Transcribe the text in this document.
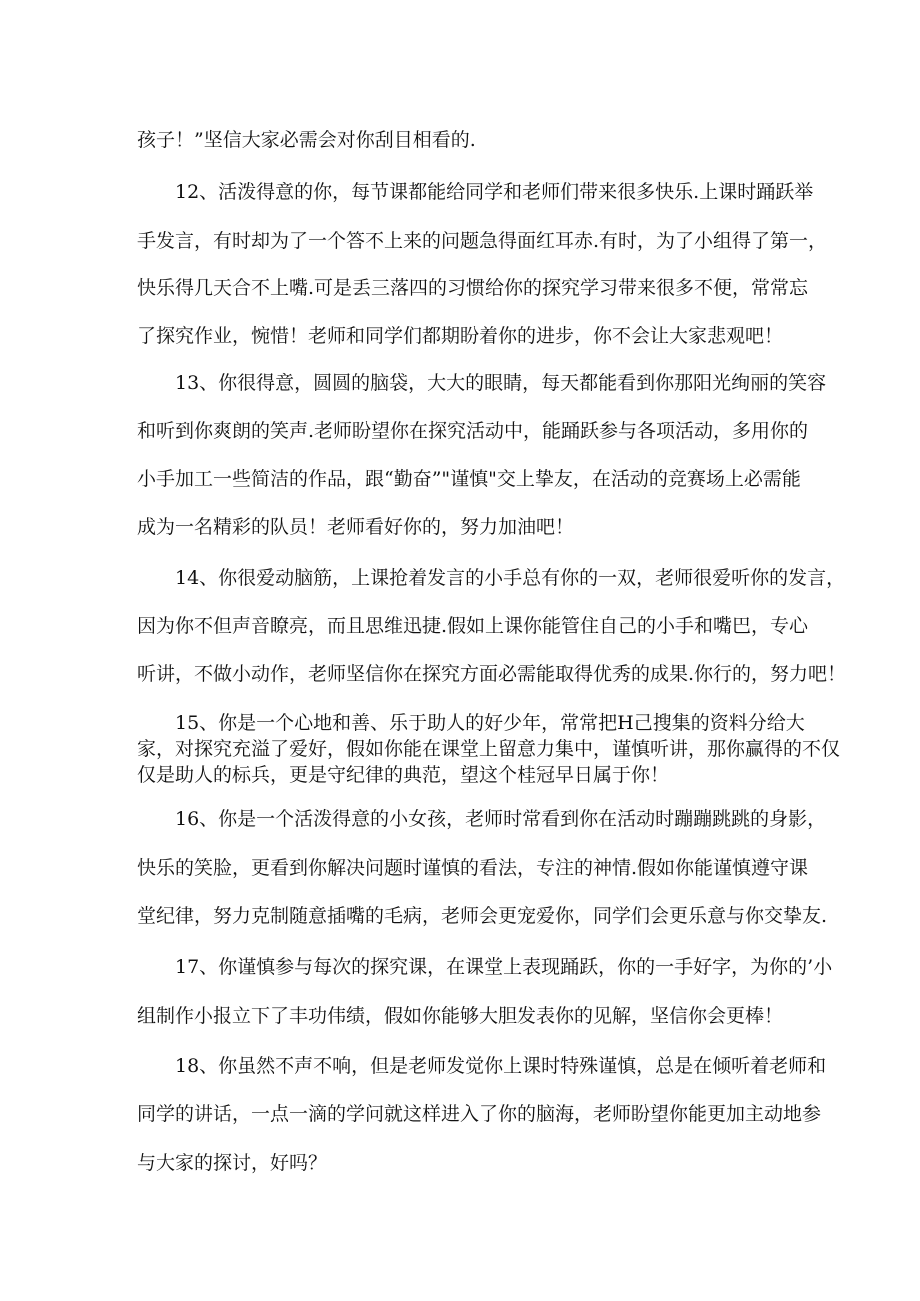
孩子！”坚信大家必需会对你刮目相看的.

12、活泼得意的你，每节课都能给同学和老师们带来很多快乐.上课时踊跃举

手发言，有时却为了一个答不上来的问题急得面红耳赤.有时，为了小组得了第一，

快乐得几天合不上嘴.可是丢三落四的习惯给你的探究学习带来很多不便，常常忘

了探究作业，惋惜！老师和同学们都期盼着你的进步，你不会让大家悲观吧！

13、你很得意，圆圆的脑袋，大大的眼睛，每天都能看到你那阳光绚丽的笑容

和听到你爽朗的笑声.老师盼望你在探究活动中，能踊跃参与各项活动，多用你的

小手加工一些简洁的作品，跟“勤奋”"谨慎"交上挚友，在活动的竞赛场上必需能

成为一名精彩的队员！老师看好你的，努力加油吧！

14、你很爱动脑筋，上课抢着发言的小手总有你的一双，老师很爱听你的发言，

因为你不但声音瞭亮，而且思维迅捷.假如上课你能管住自己的小手和嘴巴，专心

听讲，不做小动作，老师坚信你在探究方面必需能取得优秀的成果.你行的，努力吧！

15、你是一个心地和善、乐于助人的好少年，常常把H己搜集的资料分给大

家，对探究充溢了爱好，假如你能在课堂上留意力集中，谨慎听讲，那你赢得的不仅

仅是助人的标兵，更是守纪律的典范，望这个桂冠早日属于你！

16、你是一个活泼得意的小女孩，老师时常看到你在活动时蹦蹦跳跳的身影，

快乐的笑脸，更看到你解决问题时谨慎的看法，专注的神情.假如你能谨慎遵守课

堂纪律，努力克制随意插嘴的毛病，老师会更宠爱你，同学们会更乐意与你交挚友.

17、你谨慎参与每次的探究课，在课堂上表现踊跃，你的一手好字，为你的’小

组制作小报立下了丰功伟绩，假如你能够大胆发表你的见解，坚信你会更棒！

18、你虽然不声不响，但是老师发觉你上课时特殊谨慎，总是在倾听着老师和

同学的讲话，一点一滴的学问就这样进入了你的脑海，老师盼望你能更加主动地参

与大家的探讨，好吗？
